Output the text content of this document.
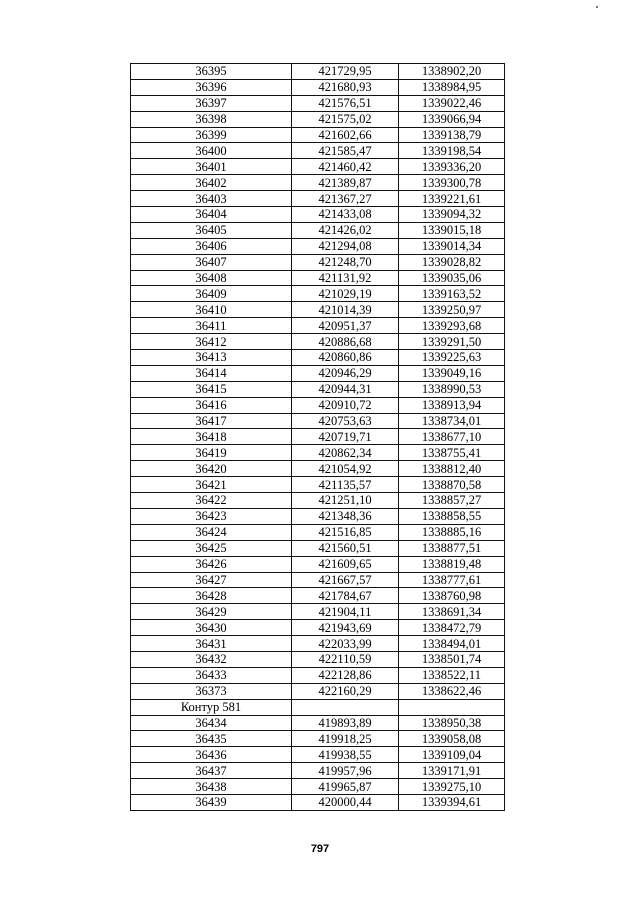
36395	421729,95	1338902,20
36396	421680,93	1338984,95
36397	421576,51	1339022,46
36398	421575,02	1339066,94
36399	421602,66	1339138,79
36400	421585,47	1339198,54
36401	421460,42	1339336,20
36402	421389,87	1339300,78
36403	421367,27	1339221,61
36404	421433,08	1339094,32
36405	421426,02	1339015,18
36406	421294,08	1339014,34
36407	421248,70	1339028,82
36408	421131,92	1339035,06
36409	421029,19	1339163,52
36410	421014,39	1339250,97
36411	420951,37	1339293,68
36412	420886,68	1339291,50
36413	420860,86	1339225,63
36414	420946,29	1339049,16
36415	420944,31	1338990,53
36416	420910,72	1338913,94
36417	420753,63	1338734,01
36418	420719,71	1338677,10
36419	420862,34	1338755,41
36420	421054,92	1338812,40
36421	421135,57	1338870,58
36422	421251,10	1338857,27
36423	421348,36	1338858,55
36424	421516,85	1338885,16
36425	421560,51	1338877,51
36426	421609,65	1338819,48
36427	421667,57	1338777,61
36428	421784,67	1338760,98
36429	421904,11	1338691,34
36430	421943,69	1338472,79
36431	422033,99	1338494,01
36432	422110,59	1338501,74
36433	422128,86	1338522,11
36373	422160,29	1338622,46
Контур 581		
36434	419893,89	1338950,38
36435	419918,25	1339058,08
36436	419938,55	1339109,04
36437	419957,96	1339171,91
36438	419965,87	1339275,10
36439	420000,44	1339394,61
797
